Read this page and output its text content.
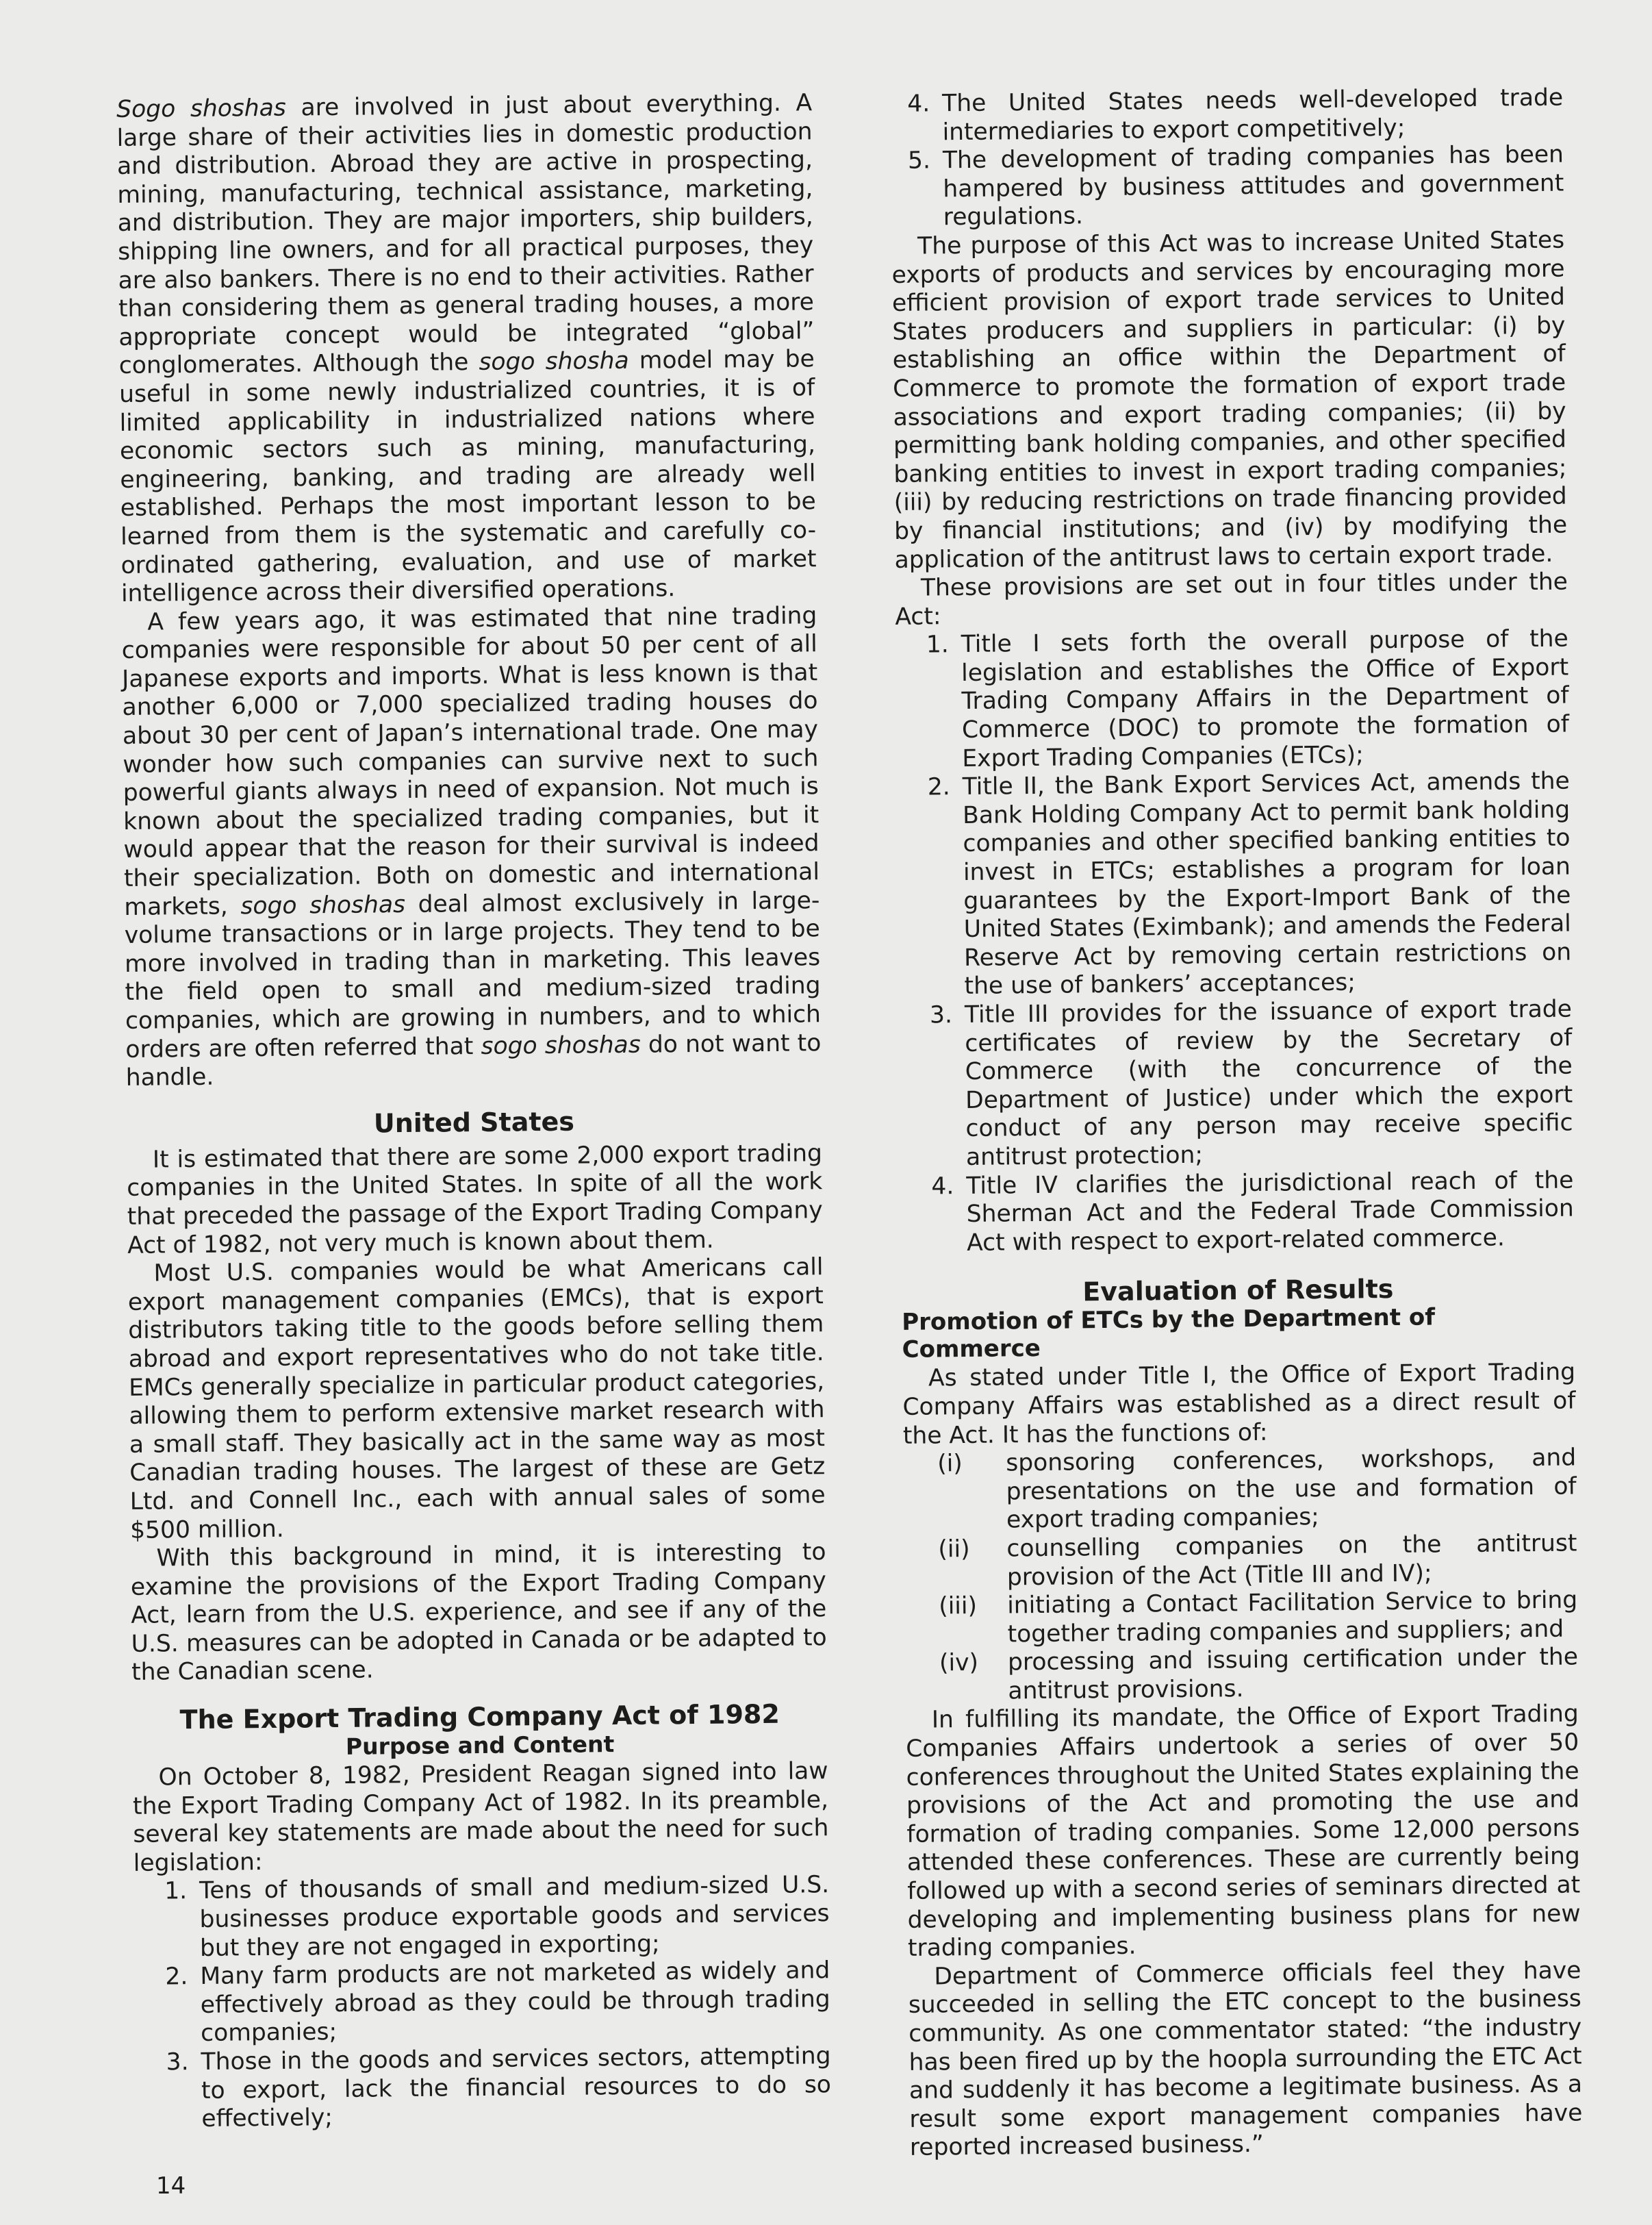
Sogo shoshas are involved in just about everything. A large share of their activities lies in domestic production and distribution. Abroad they are active in prospecting, mining, manufacturing, technical assistance, marketing, and distribution. They are major importers, ship builders, shipping line owners, and for all practical purposes, they are also bankers. There is no end to their activities. Rather than considering them as general trading houses, a more appropriate concept would be integrated “global” conglomerates. Although the sogo shosha model may be useful in some newly industrialized countries, it is of limited applicability in industrialized nations where economic sectors such as mining, manufacturing, engineering, banking, and trading are already well established. Perhaps the most important lesson to be learned from them is the systematic and carefully co-ordinated gathering, evaluation, and use of market intelligence across their diversified operations.

A few years ago, it was estimated that nine trading companies were responsible for about 50 per cent of all Japanese exports and imports. What is less known is that another 6,000 or 7,000 specialized trading houses do about 30 per cent of Japan’s international trade. One may wonder how such companies can survive next to such powerful giants always in need of expansion. Not much is known about the specialized trading companies, but it would appear that the reason for their survival is indeed their specialization. Both on domestic and international markets, sogo shoshas deal almost exclusively in large-volume transactions or in large projects. They tend to be more involved in trading than in marketing. This leaves the field open to small and medium-sized trading companies, which are growing in numbers, and to which orders are often referred that sogo shoshas do not want to handle.

United States

It is estimated that there are some 2,000 export trading companies in the United States. In spite of all the work that preceded the passage of the Export Trading Company Act of 1982, not very much is known about them.

Most U.S. companies would be what Americans call export management companies (EMCs), that is export distributors taking title to the goods before selling them abroad and export representatives who do not take title. EMCs generally specialize in particular product categories, allowing them to perform extensive market research with a small staff. They basically act in the same way as most Canadian trading houses. The largest of these are Getz Ltd. and Connell Inc., each with annual sales of some $500 million.

With this background in mind, it is interesting to examine the provisions of the Export Trading Company Act, learn from the U.S. experience, and see if any of the U.S. measures can be adopted in Canada or be adapted to the Canadian scene.

The Export Trading Company Act of 1982
Purpose and Content

On October 8, 1982, President Reagan signed into law the Export Trading Company Act of 1982. In its preamble, several key statements are made about the need for such legislation:

1. Tens of thousands of small and medium-sized U.S. businesses produce exportable goods and services but they are not engaged in exporting;
2. Many farm products are not marketed as widely and effectively abroad as they could be through trading companies;
3. Those in the goods and services sectors, attempting to export, lack the financial resources to do so effectively;
4. The United States needs well-developed trade intermediaries to export competitively;
5. The development of trading companies has been hampered by business attitudes and government regulations.

The purpose of this Act was to increase United States exports of products and services by encouraging more efficient provision of export trade services to United States producers and suppliers in particular: (i) by establishing an office within the Department of Commerce to promote the formation of export trade associations and export trading companies; (ii) by permitting bank holding companies, and other specified banking entities to invest in export trading companies; (iii) by reducing restrictions on trade financing provided by financial institutions; and (iv) by modifying the application of the antitrust laws to certain export trade.

These provisions are set out in four titles under the Act:

1. Title I sets forth the overall purpose of the legislation and establishes the Office of Export Trading Company Affairs in the Department of Commerce (DOC) to promote the formation of Export Trading Companies (ETCs);
2. Title II, the Bank Export Services Act, amends the Bank Holding Company Act to permit bank holding companies and other specified banking entities to invest in ETCs; establishes a program for loan guarantees by the Export-Import Bank of the United States (Eximbank); and amends the Federal Reserve Act by removing certain restrictions on the use of bankers’ acceptances;
3. Title III provides for the issuance of export trade certificates of review by the Secretary of Commerce (with the concurrence of the Department of Justice) under which the export conduct of any person may receive specific antitrust protection;
4. Title IV clarifies the jurisdictional reach of the Sherman Act and the Federal Trade Commission Act with respect to export-related commerce.
Evaluation of Results
Promotion of ETCs by the Department of Commerce

As stated under Title I, the Office of Export Trading Company Affairs was established as a direct result of the Act. It has the functions of:

(i)	sponsoring conferences, workshops, and presentations on the use and formation of export trading companies;
(ii)	counselling companies on the antitrust provision of the Act (Title III and IV);
(iii)	initiating a Contact Facilitation Service to bring together trading companies and suppliers; and
(iv)	processing and issuing certification under the antitrust provisions.

In fulfilling its mandate, the Office of Export Trading Companies Affairs undertook a series of over 50 conferences throughout the United States explaining the provisions of the Act and promoting the use and formation of trading companies. Some 12,000 persons attended these conferences. These are currently being followed up with a second series of seminars directed at developing and implementing business plans for new trading companies.

Department of Commerce officials feel they have succeeded in selling the ETC concept to the business community. As one commentator stated: “the industry has been fired up by the hoopla surrounding the ETC Act and suddenly it has become a legitimate business. As a result some export management companies have reported increased business.”

14
